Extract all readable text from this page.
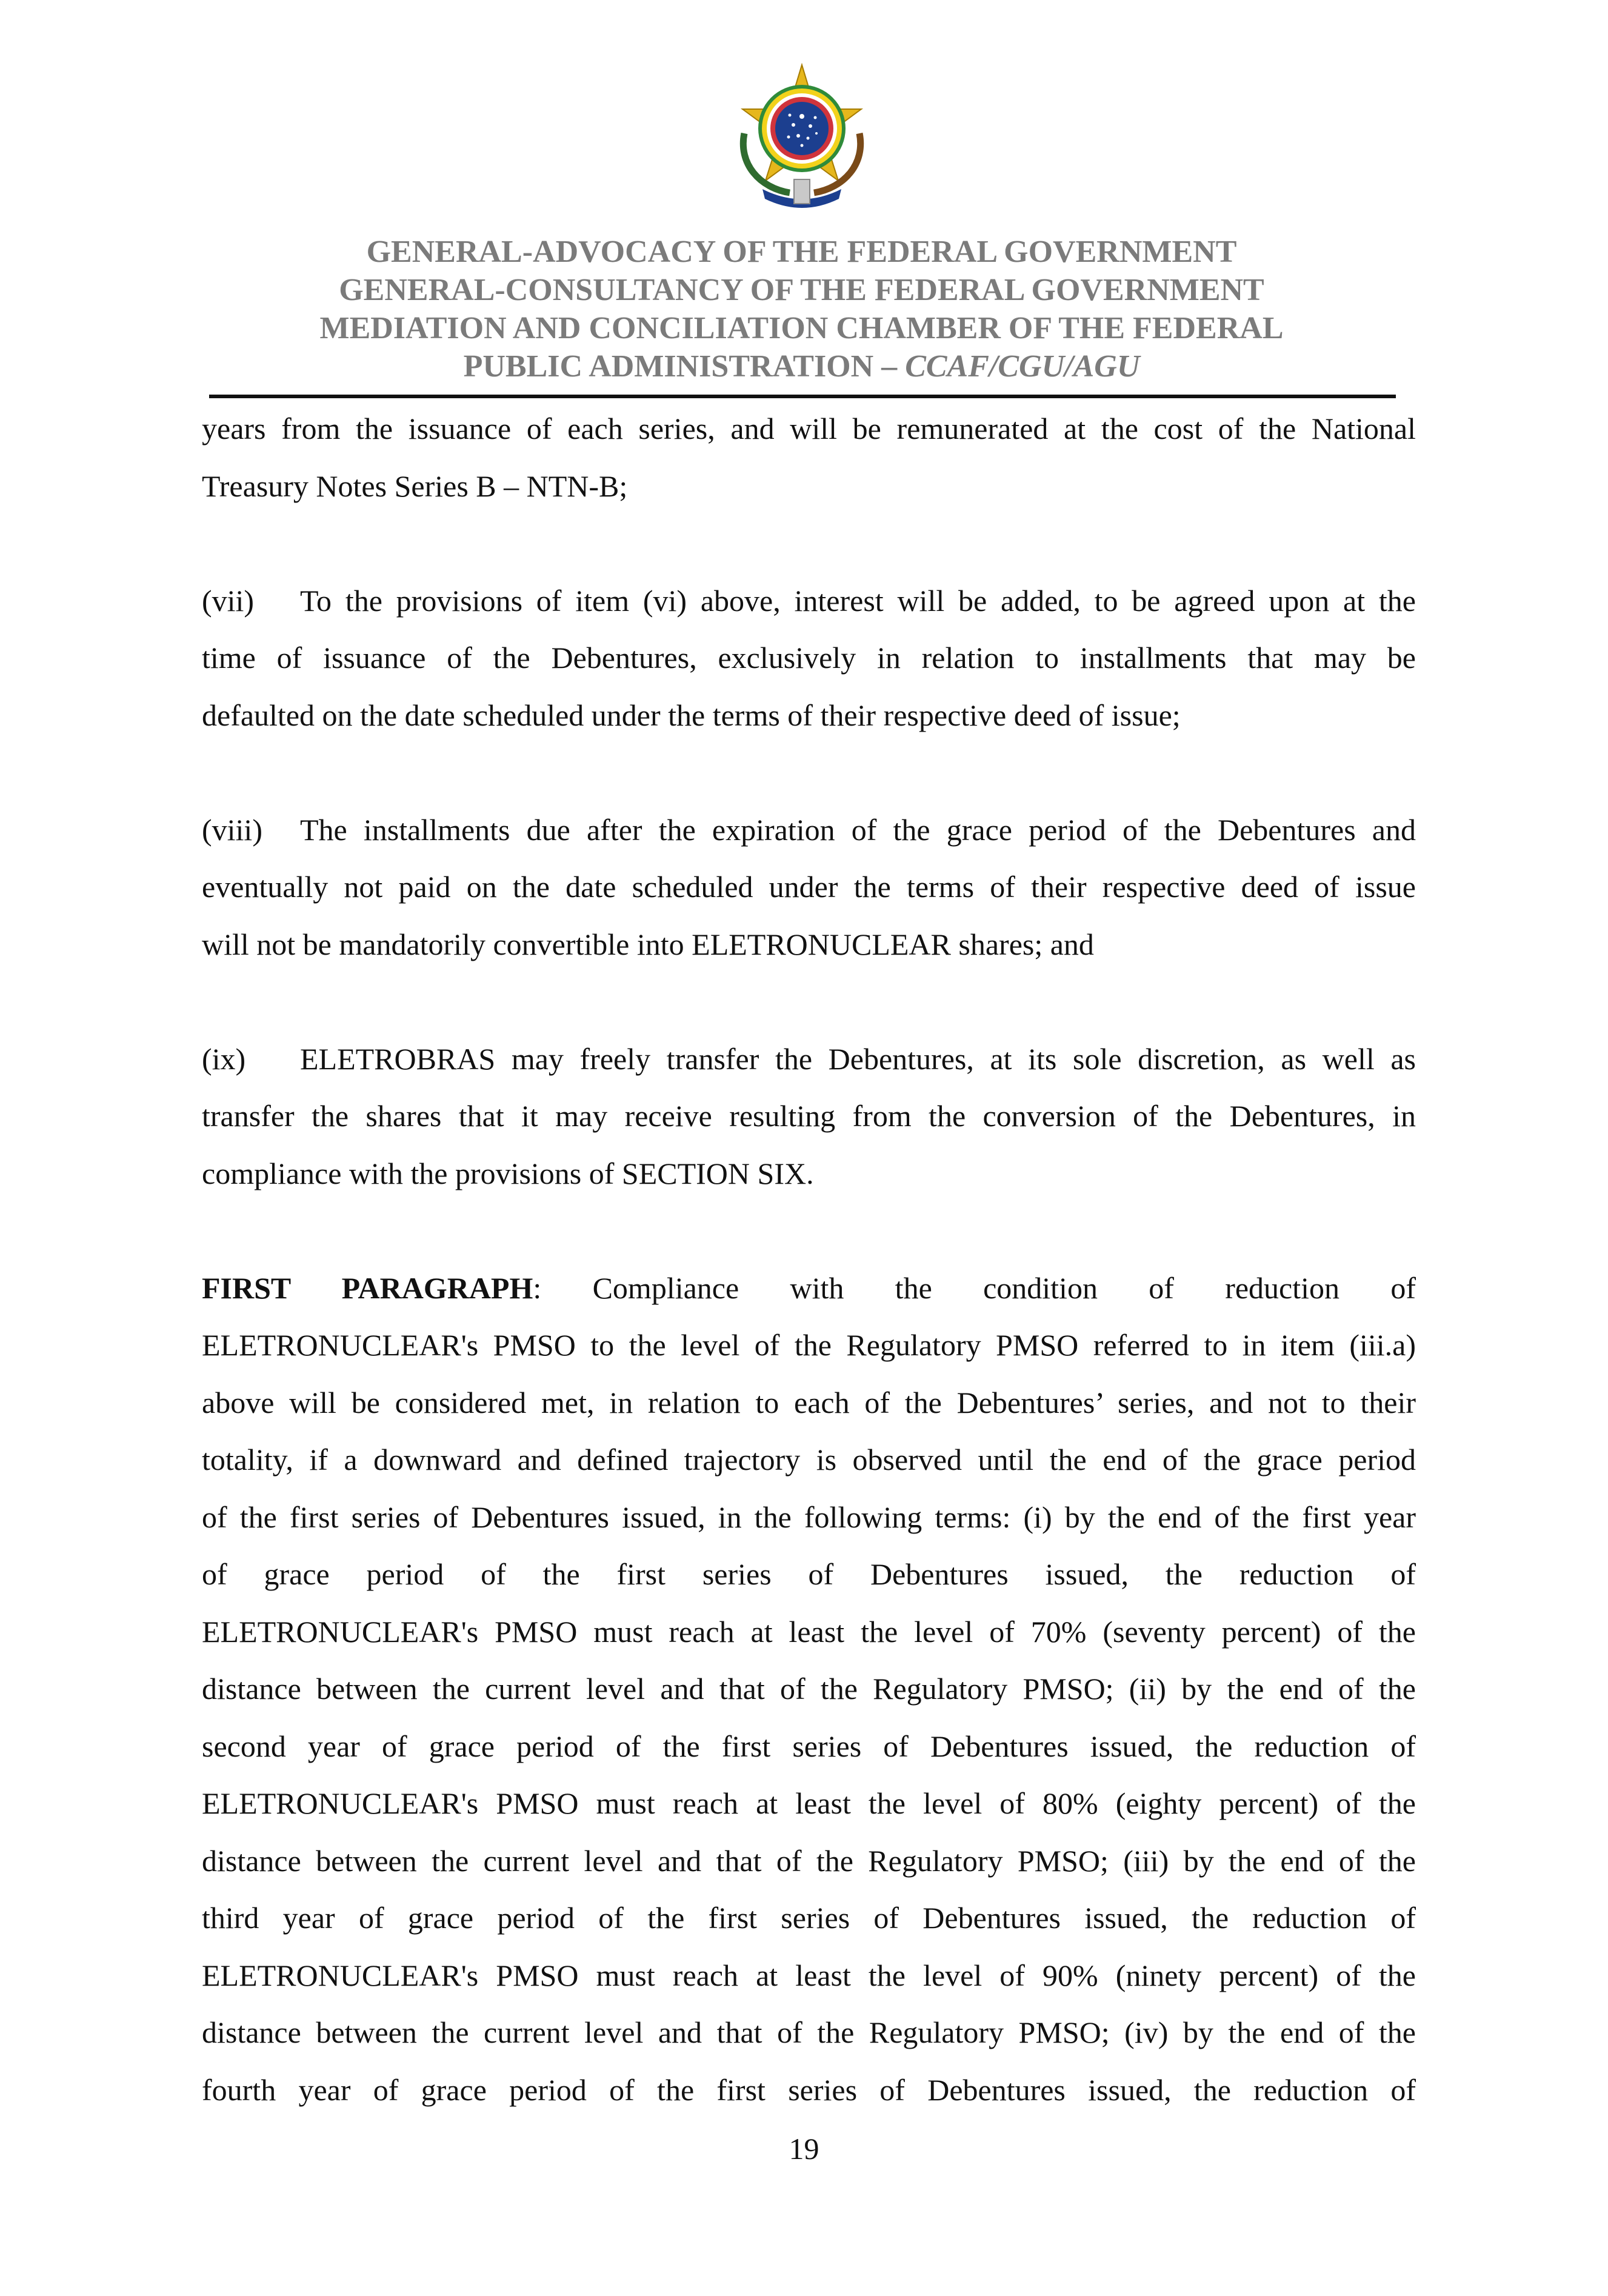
GENERAL-ADVOCACY OF THE FEDERAL GOVERNMENT
GENERAL-CONSULTANCY OF THE FEDERAL GOVERNMENT
MEDIATION AND CONCILIATION CHAMBER OF THE FEDERAL
PUBLIC ADMINISTRATION – CCAF/CGU/AGU

years from the issuance of each series, and will be remunerated at the cost of the National

Treasury Notes Series B – NTN-B;

(vii) To the provisions of item (vi) above, interest will be added, to be agreed upon at the

time of issuance of the Debentures, exclusively in relation to installments that may be

defaulted on the date scheduled under the terms of their respective deed of issue;

(viii) The installments due after the expiration of the grace period of the Debentures and

eventually not paid on the date scheduled under the terms of their respective deed of issue

will not be mandatorily convertible into ELETRONUCLEAR shares; and

(ix) ELETROBRAS may freely transfer the Debentures, at its sole discretion, as well as

transfer the shares that it may receive resulting from the conversion of the Debentures, in

compliance with the provisions of SECTION SIX.

FIRST PARAGRAPH: Compliance with the condition of reduction of

ELETRONUCLEAR's PMSO to the level of the Regulatory PMSO referred to in item (iii.a)

above will be considered met, in relation to each of the Debentures’ series, and not to their

totality, if a downward and defined trajectory is observed until the end of the grace period

of the first series of Debentures issued, in the following terms: (i) by the end of the first year

of grace period of the first series of Debentures issued, the reduction of

ELETRONUCLEAR's PMSO must reach at least the level of 70% (seventy percent) of the

distance between the current level and that of the Regulatory PMSO; (ii) by the end of the

second year of grace period of the first series of Debentures issued, the reduction of

ELETRONUCLEAR's PMSO must reach at least the level of 80% (eighty percent) of the

distance between the current level and that of the Regulatory PMSO; (iii) by the end of the

third year of grace period of the first series of Debentures issued, the reduction of

ELETRONUCLEAR's PMSO must reach at least the level of 90% (ninety percent) of the

distance between the current level and that of the Regulatory PMSO; (iv) by the end of the

fourth year of grace period of the first series of Debentures issued, the reduction of

19
